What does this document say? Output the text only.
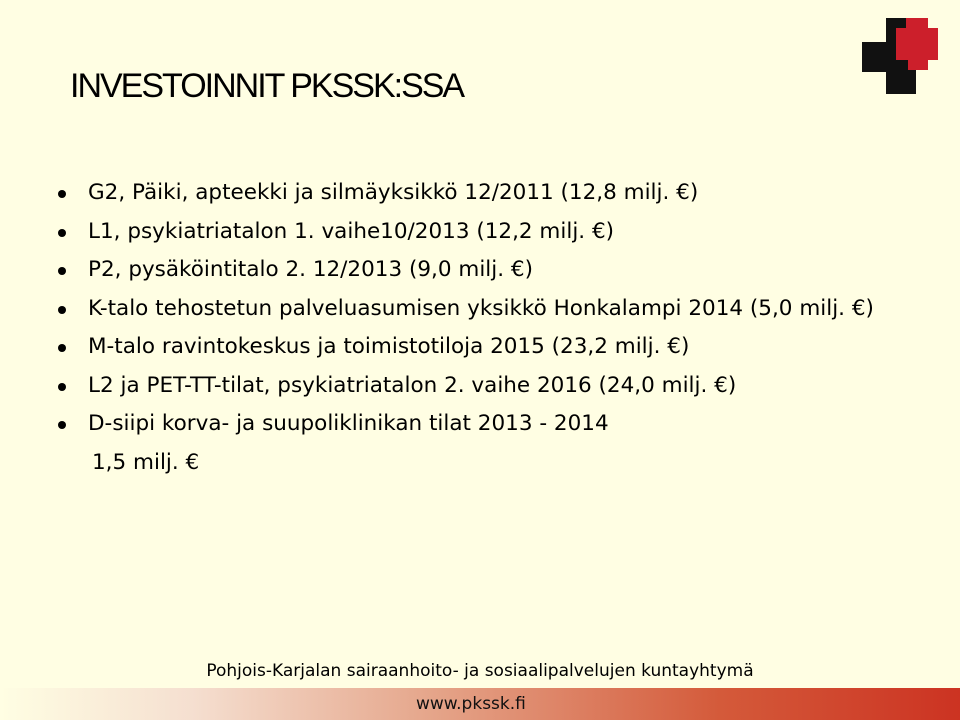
INVESTOINNIT PKSSK:SSA
G2, Päiki, apteekki ja silmäyksikkö 12/2011 (12,8 milj. €)
L1, psykiatriatalon 1. vaihe10/2013 (12,2 milj. €)
P2, pysäköintitalo 2. 12/2013 (9,0 milj. €)
K-talo tehostetun palveluasumisen yksikkö Honkalampi 2014 (5,0 milj. €)
M-talo ravintokeskus ja toimistotiloja 2015 (23,2 milj. €)
L2 ja PET-TT-tilat, psykiatriatalon 2. vaihe 2016 (24,0 milj. €)
D-siipi korva- ja suupoliklinikan tilat 2013 - 2014
1,5 milj. €
Pohjois-Karjalan sairaanhoito- ja sosiaalipalvelujen kuntayhtymä
www.pkssk.fi
